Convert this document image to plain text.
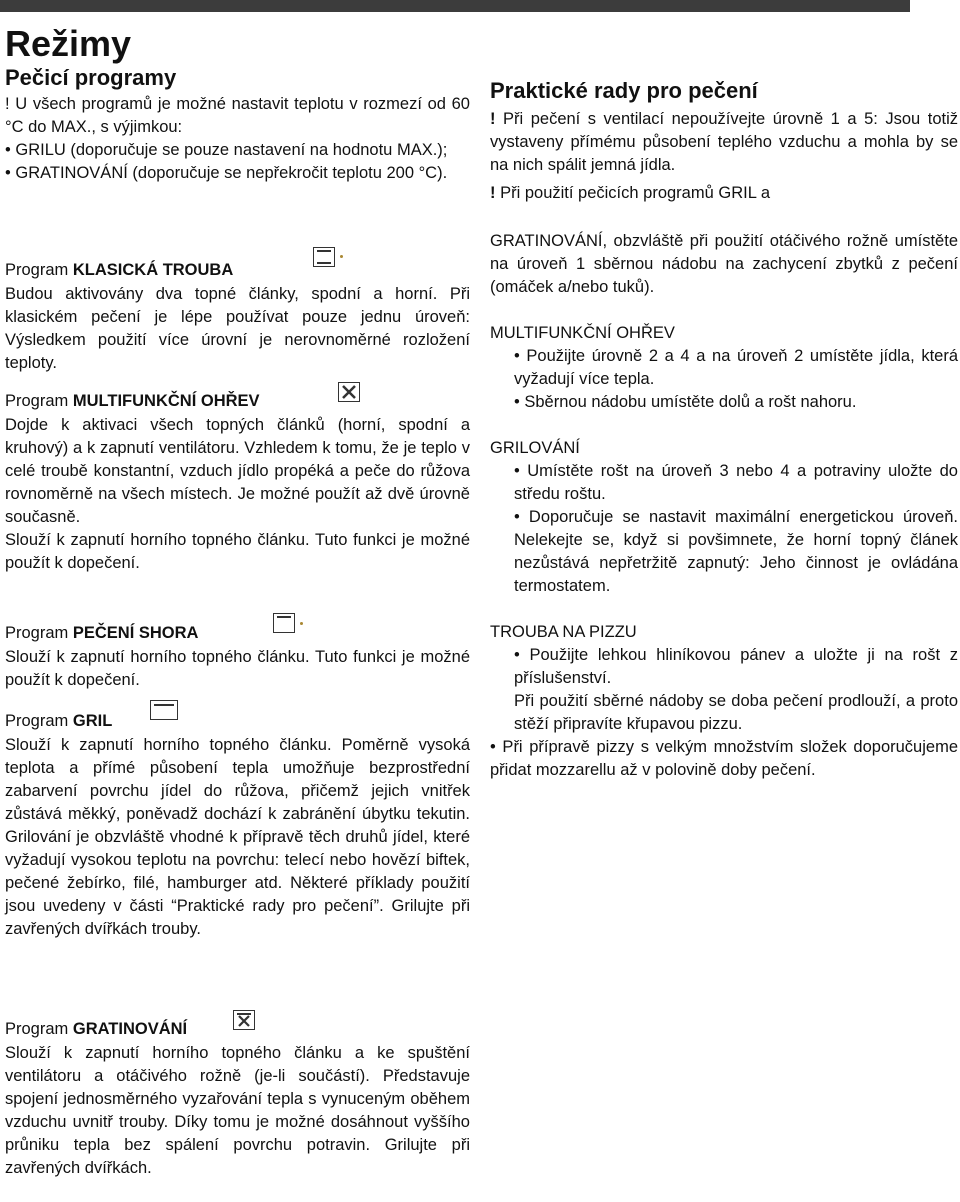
Režimy
Pečicí programy

! U všech programů je možné nastavit teplotu v rozmezí od 60 °C do MAX., s výjimkou:

• GRILU (doporučuje se pouze nastavení na hodnotu MAX.);

• GRATINOVÁNÍ (doporučuje se nepřekročit teplotu 200 °C).

Program KLASICKÁ TROUBA

Budou aktivovány dva topné články, spodní a horní. Při klasickém pečení je lépe používat pouze jednu úroveň: Výsledkem použití více úrovní je nerovnoměrné rozložení teploty.

Program MULTIFUNKČNÍ OHŘEV

Dojde k aktivaci všech topných článků (horní, spodní a kruhový) a k zapnutí ventilátoru. Vzhledem k tomu, že je teplo v celé troubě konstantní, vzduch jídlo propéká a peče do růžova rovnoměrně na všech místech. Je možné použít až dvě úrovně současně.

Slouží k zapnutí horního topného článku. Tuto funkci je možné použít k dopečení.

Program PEČENÍ SHORA

Slouží k zapnutí horního topného článku. Tuto funkci je možné použít k dopečení.

Program GRIL

Slouží k zapnutí horního topného článku. Poměrně vysoká teplota a přímé působení tepla umožňuje bezprostřední zabarvení povrchu jídel do růžova, přičemž jejich vnitřek zůstává měkký, poněvadž dochází k zabránění úbytku tekutin. Grilování je obzvláště vhodné k přípravě těch druhů jídel, které vyžadují vysokou teplotu na povrchu: telecí nebo hovězí biftek, pečené žebírko, filé, hamburger atd. Některé příklady použití jsou uvedeny v části “Praktické rady pro pečení”. Grilujte při zavřených dvířkách trouby.

Program GRATINOVÁNÍ

Slouží k zapnutí horního topného článku a ke spuštění ventilátoru a otáčivého rožně (je-li součástí). Představuje spojení jednosměrného vyzařování tepla s vynuceným oběhem vzduchu uvnitř trouby. Díky tomu je možné dosáhnout vyššího průniku tepla bez spálení povrchu potravin. Grilujte při zavřených dvířkách.

Praktické rady pro pečení

! Při pečení s ventilací nepoužívejte úrovně 1 a 5: Jsou totiž vystaveny přímému působení teplého vzduchu a mohla by se na nich spálit jemná jídla.

! Při použití pečicích programů GRIL a

GRATINOVÁNÍ, obzvláště při použití otáčivého rožně umístěte na úroveň 1 sběrnou nádobu na zachycení zbytků z pečení (omáček a/nebo tuků).

MULTIFUNKČNÍ OHŘEV

• Použijte úrovně 2 a 4 a na úroveň 2 umístěte jídla, která vyžadují více tepla.

• Sběrnou nádobu umístěte dolů a rošt nahoru.

GRILOVÁNÍ

• Umístěte rošt na úroveň 3 nebo 4 a potraviny uložte do středu roštu.

• Doporučuje se nastavit maximální energetickou úroveň. Nelekejte se, když si povšimnete, že horní topný článek nezůstává nepřetržitě zapnutý: Jeho činnost je ovládána termostatem.

TROUBA NA PIZZU

• Použijte lehkou hliníkovou pánev a uložte ji na rošt z příslušenství.

Při použití sběrné nádoby se doba pečení prodlouží, a proto stěží připravíte křupavou pizzu.

• Při přípravě pizzy s velkým množstvím složek doporučujeme přidat mozzarellu až v polovině doby pečení.
